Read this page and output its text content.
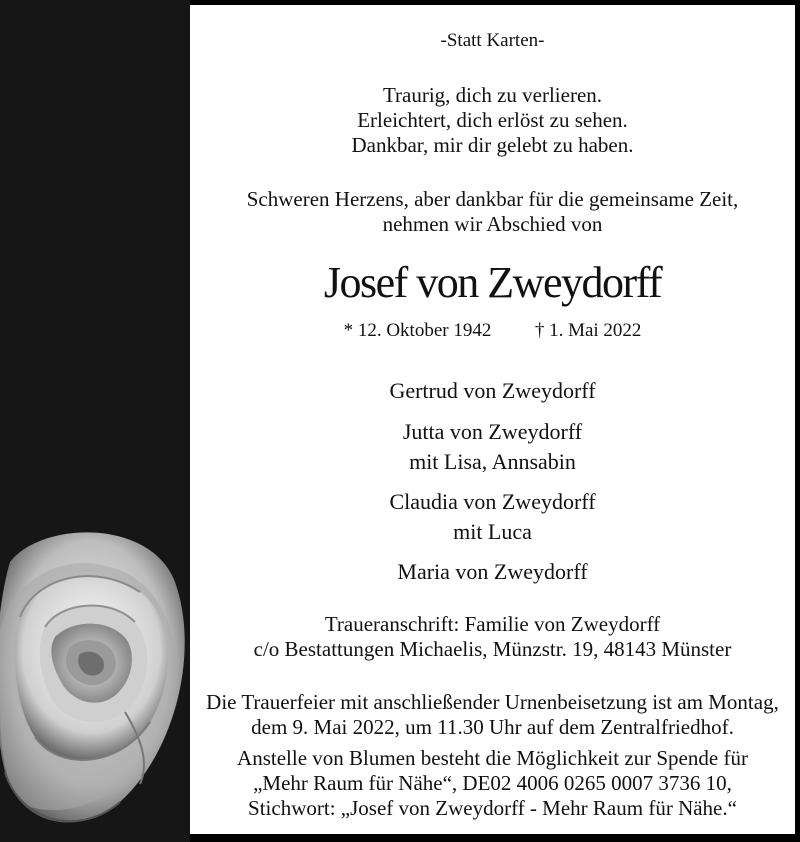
-Statt Karten-
Traurig, dich zu verlieren.
Erleichtert, dich erlöst zu sehen.
Dankbar, mir dir gelebt zu haben.
Schweren Herzens, aber dankbar für die gemeinsame Zeit,
nehmen wir Abschied von
Josef von Zweydorff
* 12. Oktober 1942 † 1. Mai 2022
Gertrud von Zweydorff
Jutta von Zweydorff
mit Lisa, Annsabin
Claudia von Zweydorff
mit Luca
Maria von Zweydorff
Traueranschrift: Familie von Zweydorff
c/o Bestattungen Michaelis, Münzstr. 19, 48143 Münster
Die Trauerfeier mit anschließender Urnenbeisetzung ist am Montag,
dem 9. Mai 2022, um 11.30 Uhr auf dem Zentralfriedhof.
Anstelle von Blumen besteht die Möglichkeit zur Spende für
„Mehr Raum für Nähe“, DE02 4006 0265 0007 3736 10,
Stichwort: „Josef von Zweydorff - Mehr Raum für Nähe.“
